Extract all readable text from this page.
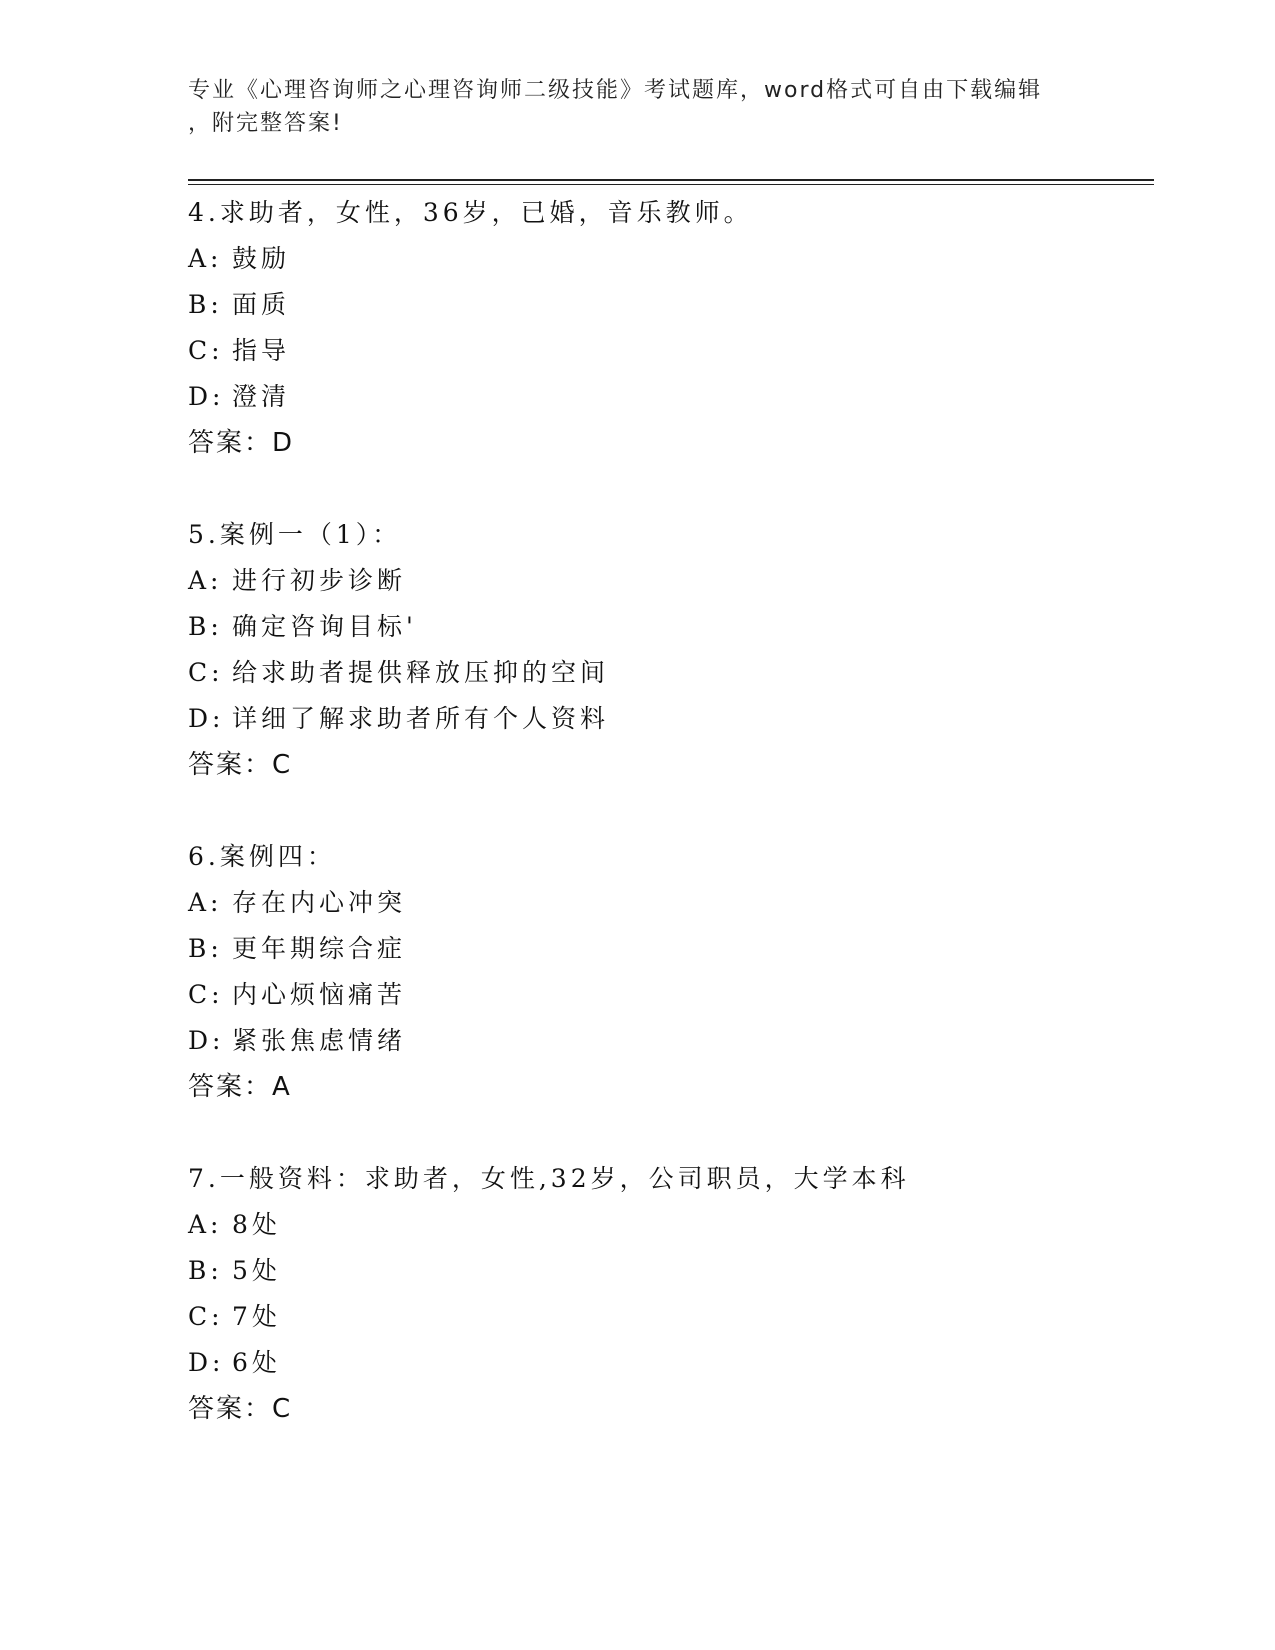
专业《心理咨询师之心理咨询师二级技能》考试题库，word格式可自由下载编辑
，附完整答案!
4.求助者，女性，36岁，已婚，音乐教师。
A: 鼓励
B: 面质
C: 指导
D: 澄清
答案：D
5.案例一（1）：
A: 进行初步诊断
B: 确定咨询目标'
C: 给求助者提供释放压抑的空间
D: 详细了解求助者所有个人资料
答案：C
6.案例四：
A: 存在内心冲突
B: 更年期综合症
C: 内心烦恼痛苦
D: 紧张焦虑情绪
答案：A
7.一般资料：求助者，女性,32岁，公司职员，大学本科
A: 8处
B: 5处
C: 7处
D: 6处
答案：C
